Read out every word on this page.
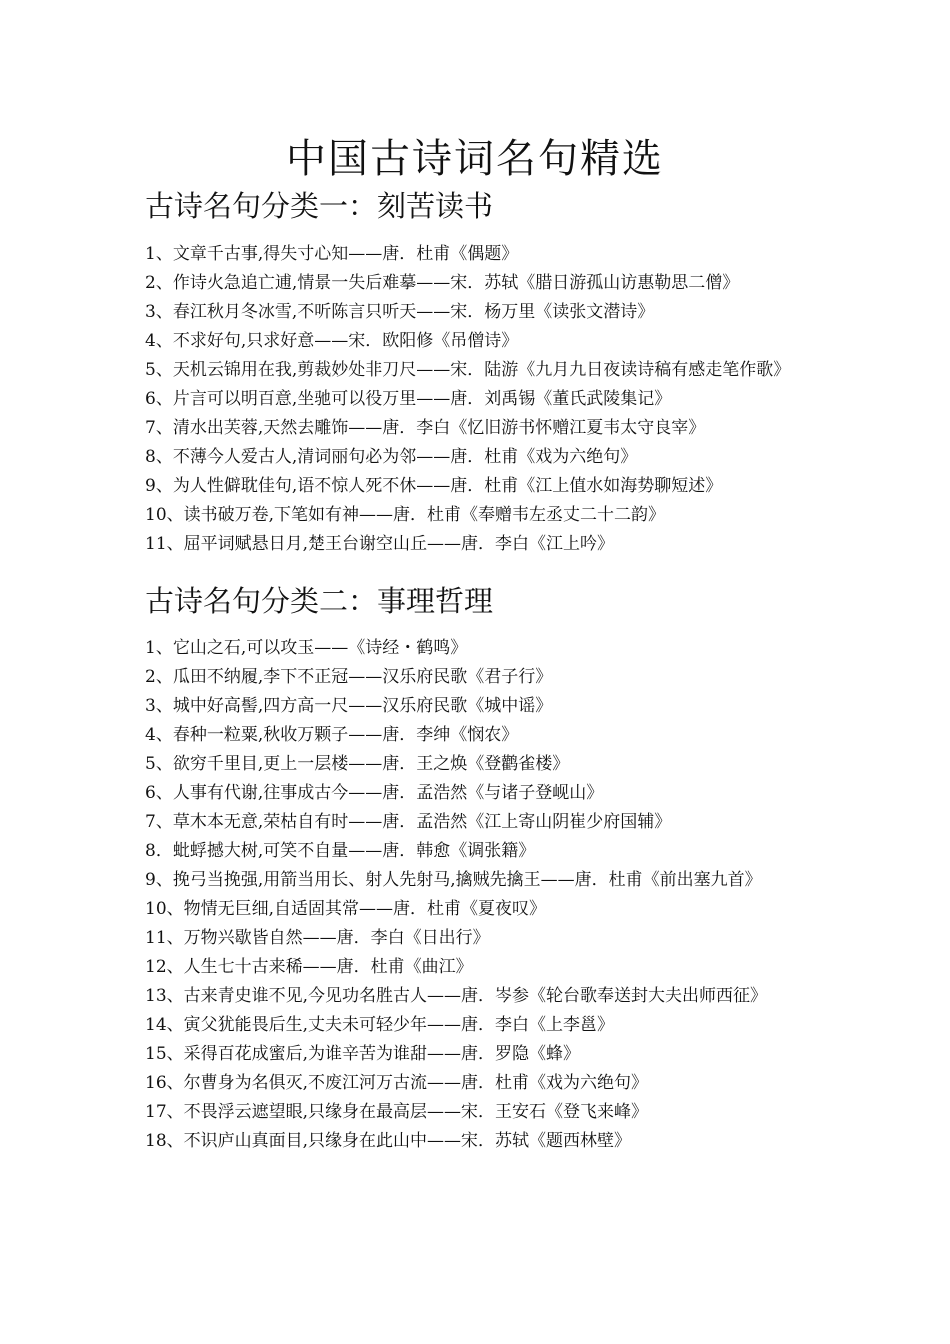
中国古诗词名句精选
古诗名句分类一：刻苦读书
1、文章千古事,得失寸心知——唐．杜甫《偶题》
2、作诗火急追亡逋,情景一失后难摹——宋．苏轼《腊日游孤山访惠勒思二僧》
3、春江秋月冬冰雪,不听陈言只听天——宋．杨万里《读张文潜诗》
4、不求好句,只求好意——宋．欧阳修《吊僧诗》
5、天机云锦用在我,剪裁妙处非刀尺——宋．陆游《九月九日夜读诗稿有感走笔作歌》
6、片言可以明百意,坐驰可以役万里——唐．刘禹锡《董氏武陵集记》
7、清水出芙蓉,天然去雕饰——唐．李白《忆旧游书怀赠江夏韦太守良宰》
8、不薄今人爱古人,清词丽句必为邻——唐．杜甫《戏为六绝句》
9、为人性僻耽佳句,语不惊人死不休——唐．杜甫《江上值水如海势聊短述》
10、读书破万卷,下笔如有神——唐．杜甫《奉赠韦左丞丈二十二韵》
11、屈平词赋悬日月,楚王台谢空山丘——唐．李白《江上吟》
古诗名句分类二：事理哲理
1、它山之石,可以攻玉——《诗经・鹤鸣》
2、瓜田不纳履,李下不正冠——汉乐府民歌《君子行》
3、城中好高髻,四方高一尺——汉乐府民歌《城中谣》
4、春种一粒粟,秋收万颗子——唐．李绅《悯农》
5、欲穷千里目,更上一层楼——唐．王之焕《登鹳雀楼》
6、人事有代谢,往事成古今——唐．孟浩然《与诸子登岘山》
7、草木本无意,荣枯自有时——唐．孟浩然《江上寄山阴崔少府国辅》
8．蚍蜉撼大树,可笑不自量——唐．韩愈《调张籍》
9、挽弓当挽强,用箭当用长、射人先射马,擒贼先擒王——唐．杜甫《前出塞九首》
10、物情无巨细,自适固其常——唐．杜甫《夏夜叹》
11、万物兴歇皆自然——唐．李白《日出行》
12、人生七十古来稀——唐．杜甫《曲江》
13、古来青史谁不见,今见功名胜古人——唐．岑参《轮台歌奉送封大夫出师西征》
14、寅父犹能畏后生,丈夫未可轻少年——唐．李白《上李邕》
15、采得百花成蜜后,为谁辛苦为谁甜——唐．罗隐《蜂》
16、尔曹身为名俱灭,不废江河万古流——唐．杜甫《戏为六绝句》
17、不畏浮云遮望眼,只缘身在最高层——宋．王安石《登飞来峰》
18、不识庐山真面目,只缘身在此山中——宋．苏轼《题西林壁》
